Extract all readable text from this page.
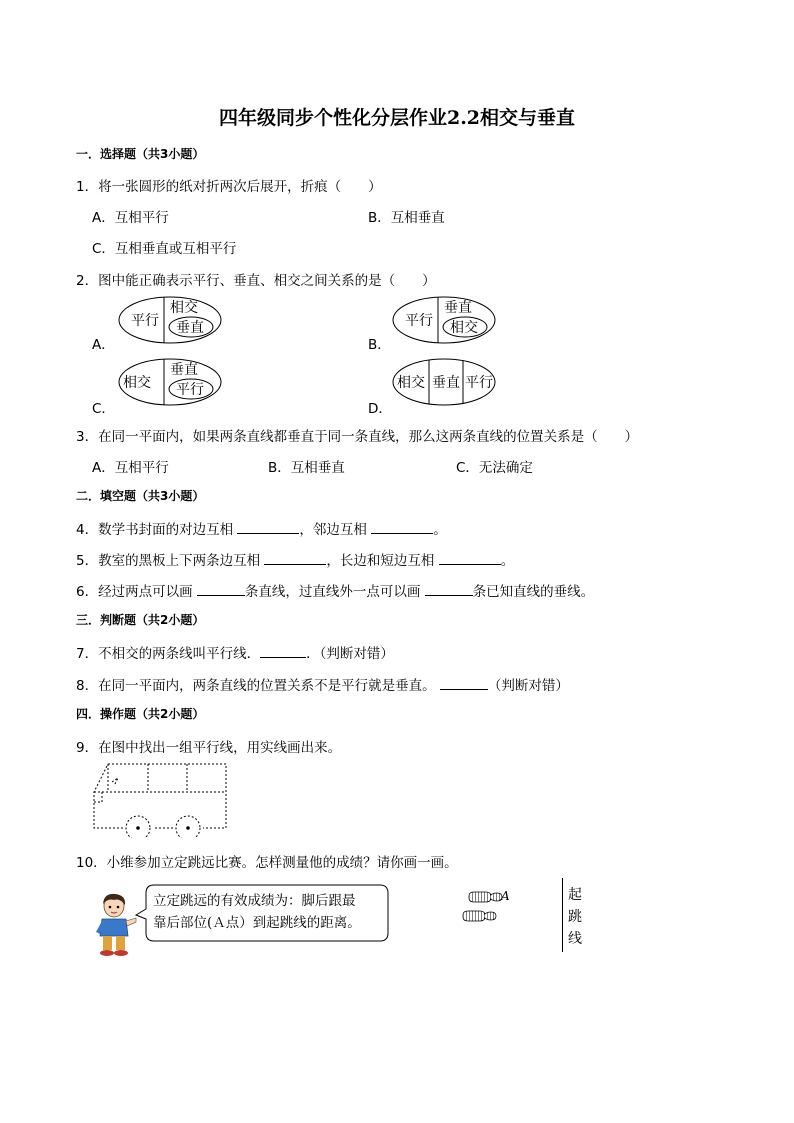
四年级同步个性化分层作业2.2相交与垂直
一．选择题（共3小题）
1．将一张圆形的纸对折两次后展开，折痕（　　）
A．互相平行	B．互相垂直
C．互相垂直或互相平行
2．图中能正确表示平行、垂直、相交之间关系的是（　　）
A．	B．
C．	D．
平行
相交
垂直	平行
垂直
相交
相交
垂直
平行	相交 垂直 平行
3．在同一平面内，如果两条直线都垂直于同一条直线，那么这两条直线的位置关系是（　　）
A．互相平行	B．互相垂直	C．无法确定
二．填空题（共3小题）
4．数学书封面的对边互相	，邻边互相	。
5．教室的黑板上下两条边互相	，长边和短边互相	。
6．经过两点可以画	条直线，过直线外一点可以画	条已知直线的垂线。
三．判断题（共2小题）
7．不相交的两条线叫平行线．	．（判断对错）
8．在同一平面内，两条直线的位置关系不是平行就是垂直。	（判断对错）
四．操作题（共2小题）
9．在图中找出一组平行线，用实线画出来。
10．小维参加立定跳远比赛。怎样测量他的成绩？请你画一画。
立定跳远的有效成绩为：脚后跟最
靠后部位(Ａ点）到起跳线的距离。
A	起
跳
线
